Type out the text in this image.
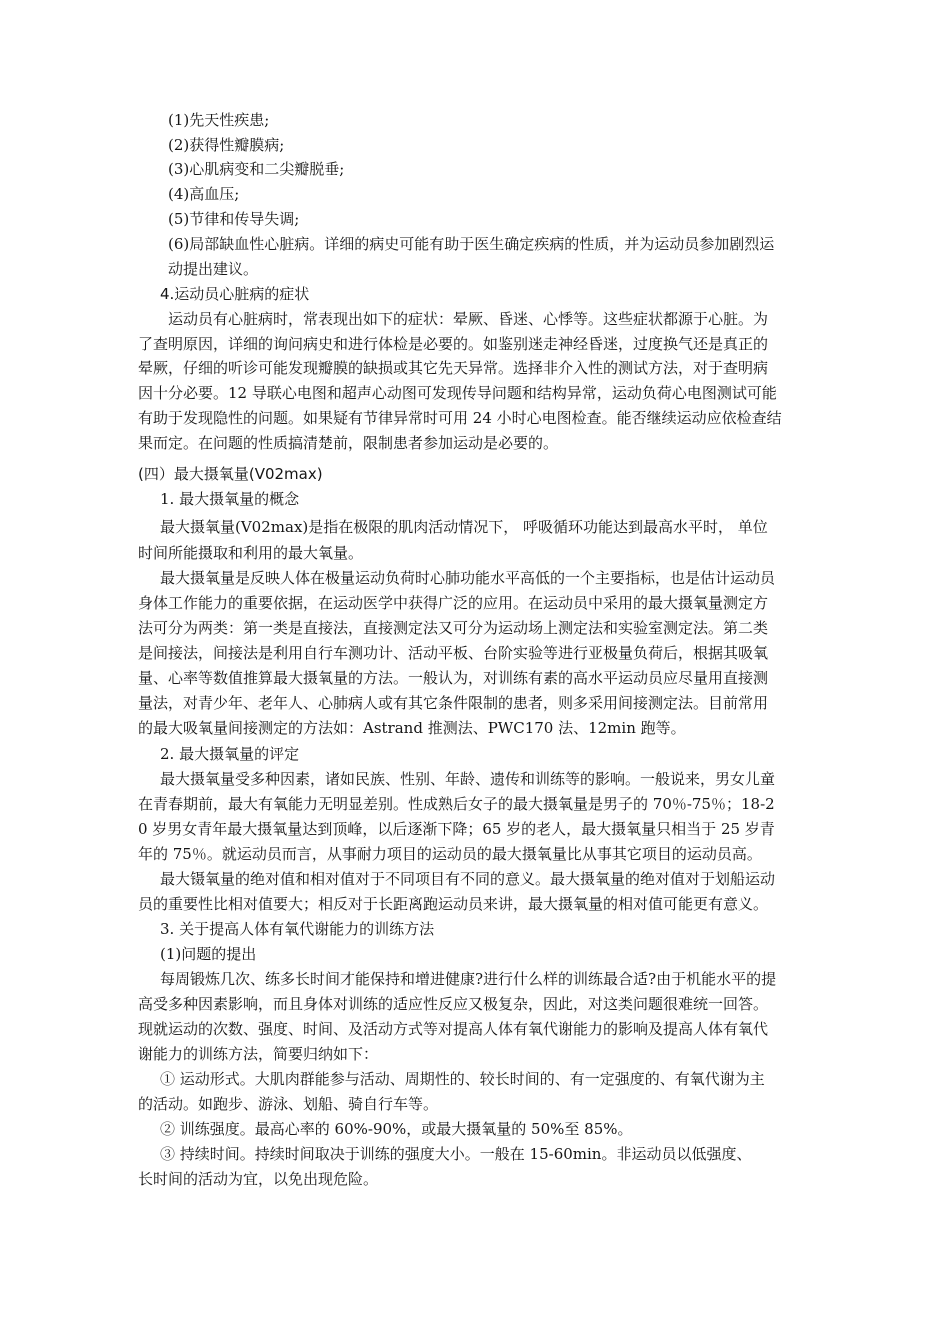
(1)先天性疾患;

(2)获得性瓣膜病;

(3)心肌病变和二尖瓣脱垂;

(4)高血压;

(5)节律和传导失调;

(6)局部缺血性心脏病。详细的病史可能有助于医生确定疾病的性质，并为运动员参加剧烈运

动提出建议。

4.运动员心脏病的症状

运动员有心脏病时，常表现出如下的症状：晕厥、昏迷、心悸等。这些症状都源于心脏。为

了查明原因，详细的询问病史和进行体检是必要的。如鉴别迷走神经昏迷，过度换气还是真正的

晕厥，仔细的听诊可能发现瓣膜的缺损或其它先天异常。选择非介入性的测试方法，对于查明病

因十分必要。12 导联心电图和超声心动图可发现传导问题和结构异常，运动负荷心电图测试可能

有助于发现隐性的问题。如果疑有节律异常时可用 24 小时心电图检查。能否继续运动应依检查结

果而定。在问题的性质搞清楚前，限制患者参加运动是必要的。

(四）最大摄氧量(V02max)

1. 最大摄氧量的概念

最大摄氧量(V02max)是指在极限的肌肉活动情况下， 呼吸循环功能达到最高水平时， 单位

时间所能摄取和利用的最大氧量。

最大摄氧量是反映人体在极量运动负荷时心肺功能水平高低的一个主要指标，也是估计运动员

身体工作能力的重要依据，在运动医学中获得广泛的应用。在运动员中采用的最大摄氧量测定方

法可分为两类：第一类是直接法，直接测定法又可分为运动场上测定法和实验室测定法。第二类

是间接法，间接法是利用自行车测功计、活动平板、台阶实验等进行亚极量负荷后，根据其吸氧

量、心率等数值推算最大摄氧量的方法。一般认为，对训练有素的高水平运动员应尽量用直接测

量法，对青少年、老年人、心肺病人或有其它条件限制的患者，则多采用间接测定法。目前常用

的最大吸氧量间接测定的方法如：Astrand 推测法、PWC170 法、12min 跑等。

2. 最大摄氧量的评定

最大摄氧量受多种因素，诸如民族、性别、年龄、遗传和训练等的影响。一般说来，男女儿童

在青春期前，最大有氧能力无明显差别。性成熟后女子的最大摄氧量是男子的 70％-75％；18-2

0 岁男女青年最大摄氧量达到顶峰，以后逐渐下降；65 岁的老人，最大摄氧量只相当于 25 岁青

年的 75％。就运动员而言，从事耐力项目的运动员的最大摄氧量比从事其它项目的运动员高。

最大镊氧量的绝对值和相对值对于不同项目有不同的意义。最大摄氧量的绝对值对于划船运动

员的重要性比相对值要大；相反对于长距离跑运动员来讲，最大摄氧量的相对值可能更有意义。

3. 关于提高人体有氧代谢能力的训练方法

(1)问题的提出

每周锻炼几次、练多长时间才能保持和增进健康?进行什么样的训练最合适?由于机能水平的提

高受多种因素影响，而且身体对训练的适应性反应又极复杂，因此，对这类问题很难统一回答。

现就运动的次数、强度、时间、及活动方式等对提高人体有氧代谢能力的影响及提高人体有氧代

谢能力的训练方法，简要归纳如下：

① 运动形式。大肌肉群能参与活动、周期性的、较长时间的、有一定强度的、有氧代谢为主

的活动。如跑步、游泳、划船、骑自行车等。

② 训练强度。最高心率的 60%-90%，或最大摄氧量的 50%至 85%。

③ 持续时间。持续时间取决于训练的强度大小。一般在 15-60min。非运动员以低强度、

长时间的活动为宜，以免出现危险。
